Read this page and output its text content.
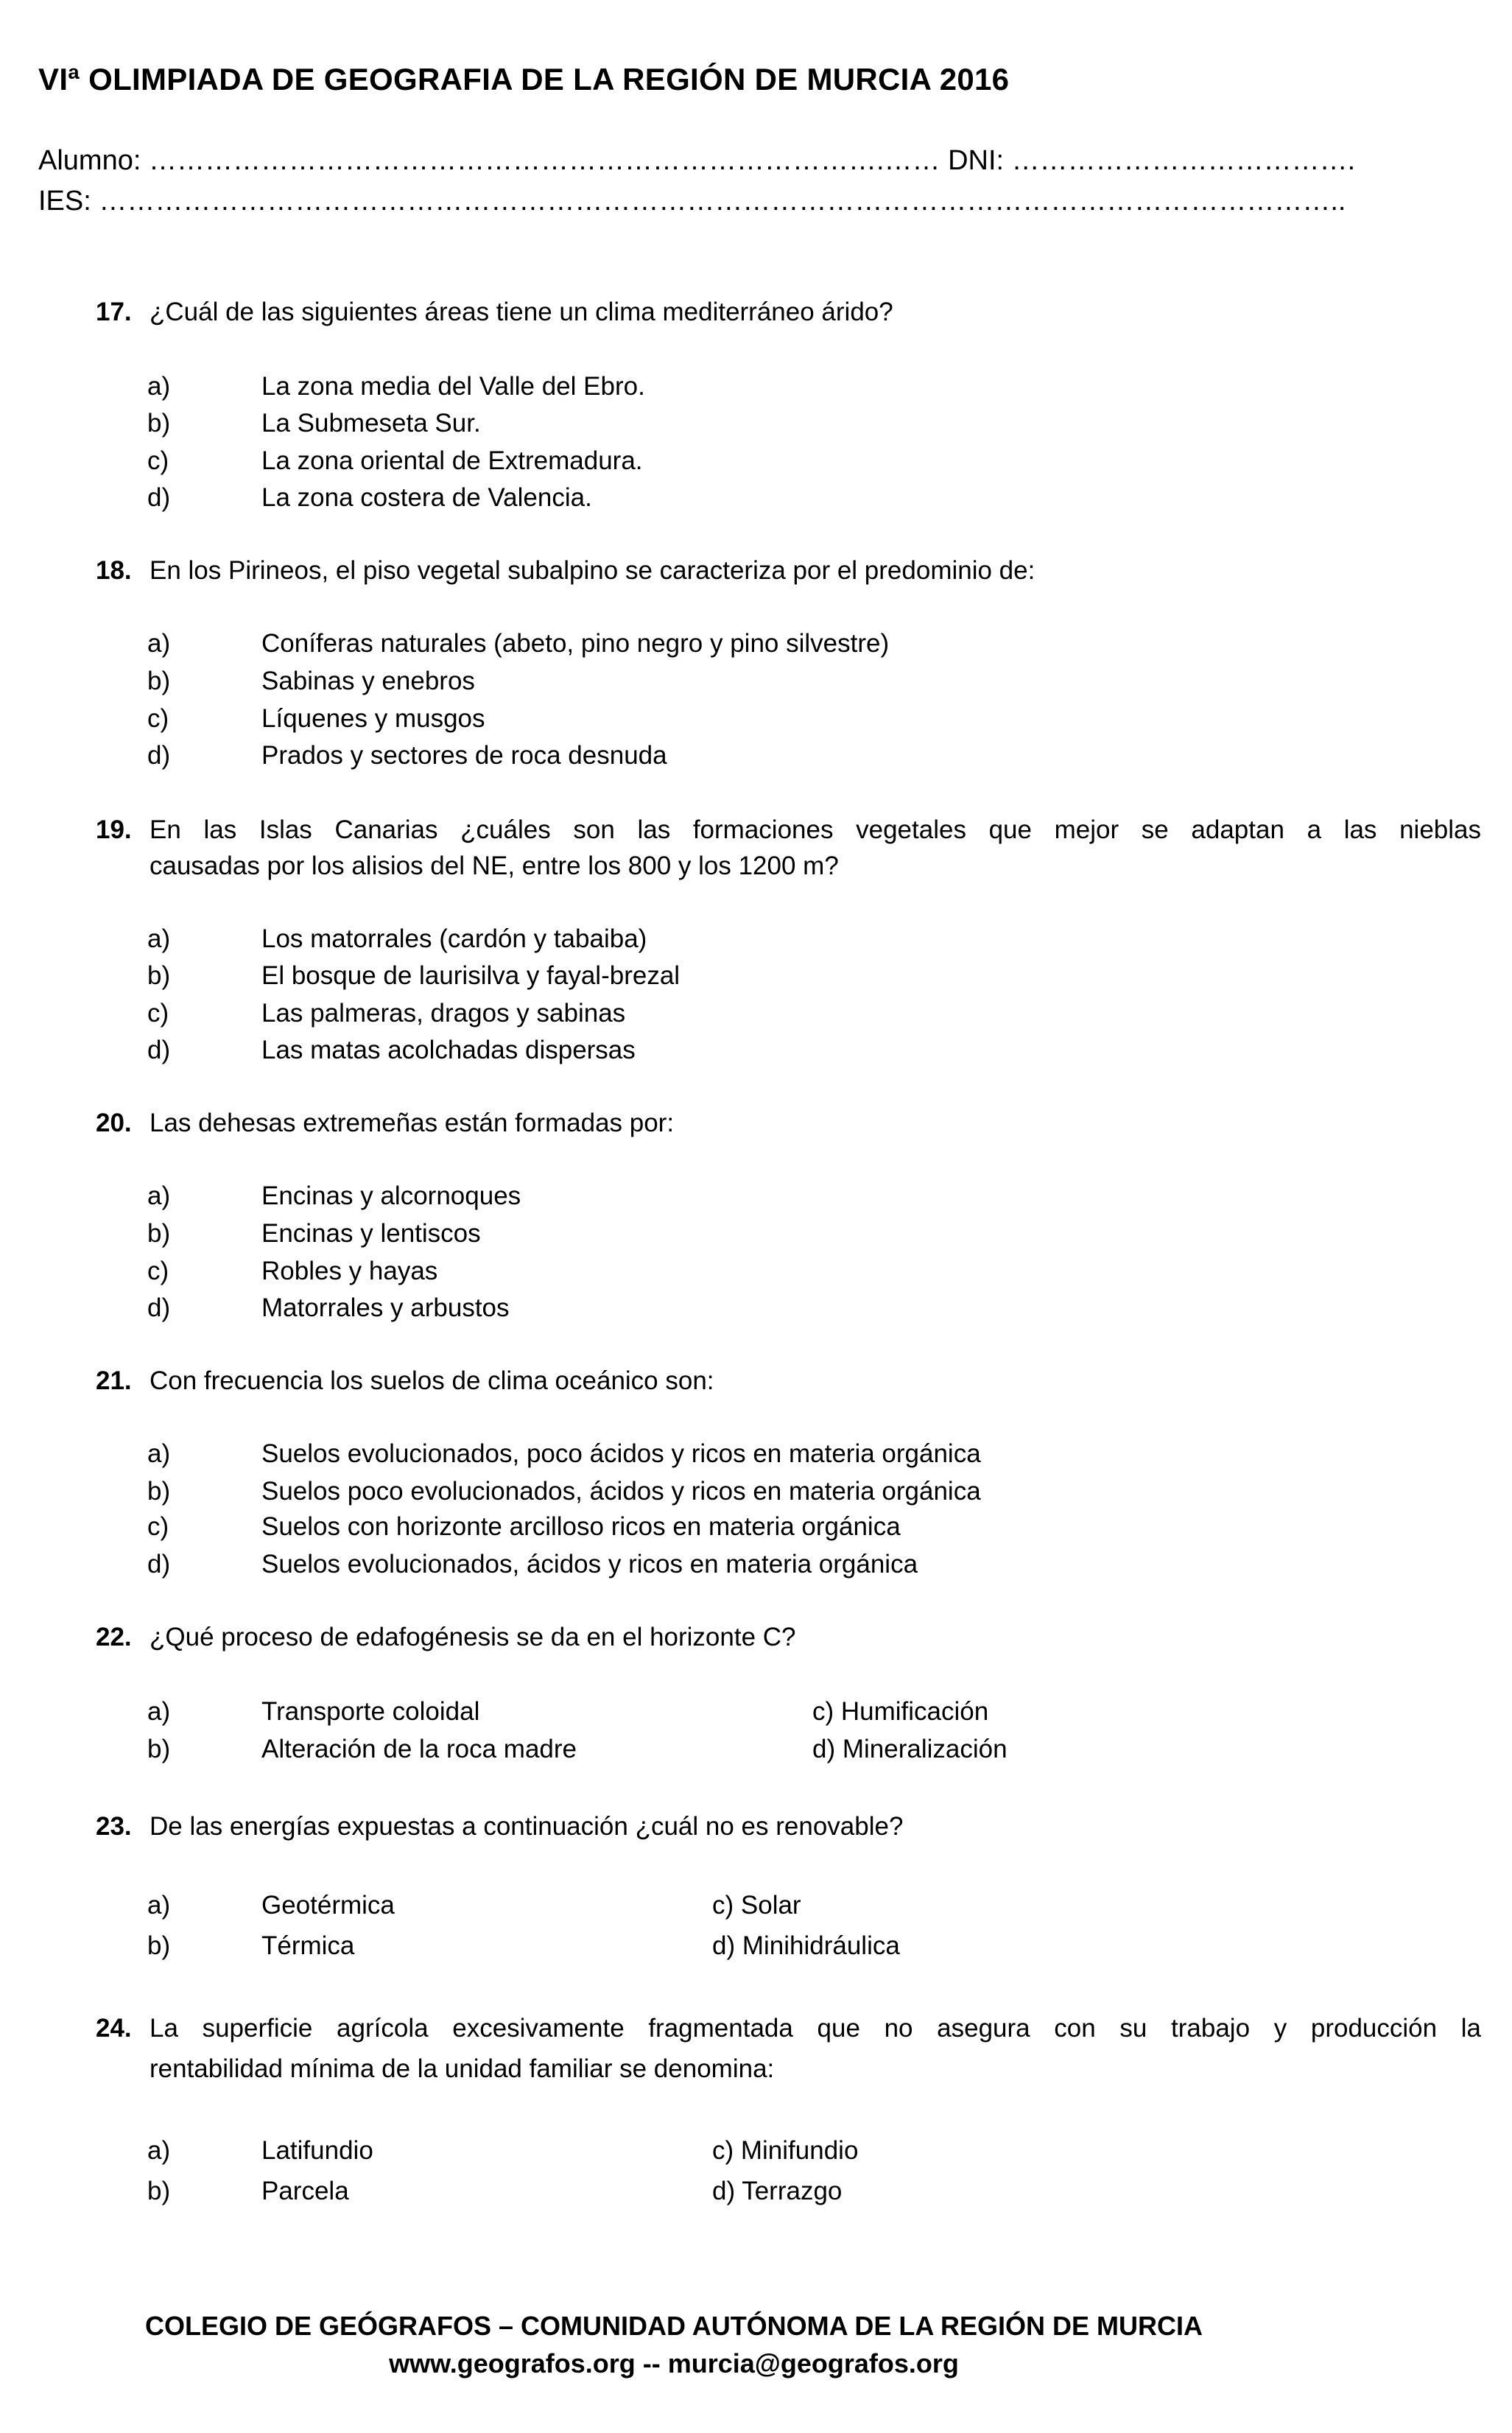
VIª OLIMPIADA DE GEOGRAFIA DE LA REGIÓN DE MURCIA 2016
Alumno: …………………………………………………………………….…… DNI: ……………………………….
IES: ……………………………………………………………………………………………………………………..
17. ¿Cuál de las siguientes áreas tiene un clima mediterráneo árido?
a)	La zona media del Valle del Ebro.
b)	La Submeseta Sur.
c)	La zona oriental de Extremadura.
d)	La zona costera de Valencia.
18. En los Pirineos, el piso vegetal subalpino se caracteriza por el predominio de:
a)	Coníferas naturales (abeto, pino negro y pino silvestre)
b)	Sabinas y enebros
c)	Líquenes y musgos
d)	Prados y sectores de roca desnuda
19. En las Islas Canarias ¿cuáles son las formaciones vegetales que mejor se adaptan a las nieblas
causadas por los alisios del NE, entre los 800 y los 1200 m?
a)	Los matorrales (cardón y tabaiba)
b)	El bosque de laurisilva y fayal-brezal
c)	Las palmeras, dragos y sabinas
d)	Las matas acolchadas dispersas
20. Las dehesas extremeñas están formadas por:
a)	Encinas y alcornoques
b)	Encinas y lentiscos
c)	Robles y hayas
d)	Matorrales y arbustos
21. Con frecuencia los suelos de clima oceánico son:
a)	Suelos evolucionados, poco ácidos y ricos en materia orgánica
b)	Suelos poco evolucionados, ácidos y ricos en materia orgánica
c)	Suelos con horizonte arcilloso ricos en materia orgánica
d)	Suelos evolucionados, ácidos y ricos en materia orgánica
22. ¿Qué proceso de edafogénesis se da en el horizonte C?
a)	Transporte coloidal
b)	Alteración de la roca madre
c) Humificación
d) Mineralización
23. De las energías expuestas a continuación ¿cuál no es renovable?
a)	Geotérmica
b)	Térmica
c) Solar
d) Minihidráulica
24. La superficie agrícola excesivamente fragmentada que no asegura con su trabajo y producción la
rentabilidad mínima de la unidad familiar se denomina:
a)	Latifundio
b)	Parcela
c) Minifundio
d) Terrazgo
COLEGIO DE GEÓGRAFOS – COMUNIDAD AUTÓNOMA DE LA REGIÓN DE MURCIA
www.geografos.org -- murcia@geografos.org
